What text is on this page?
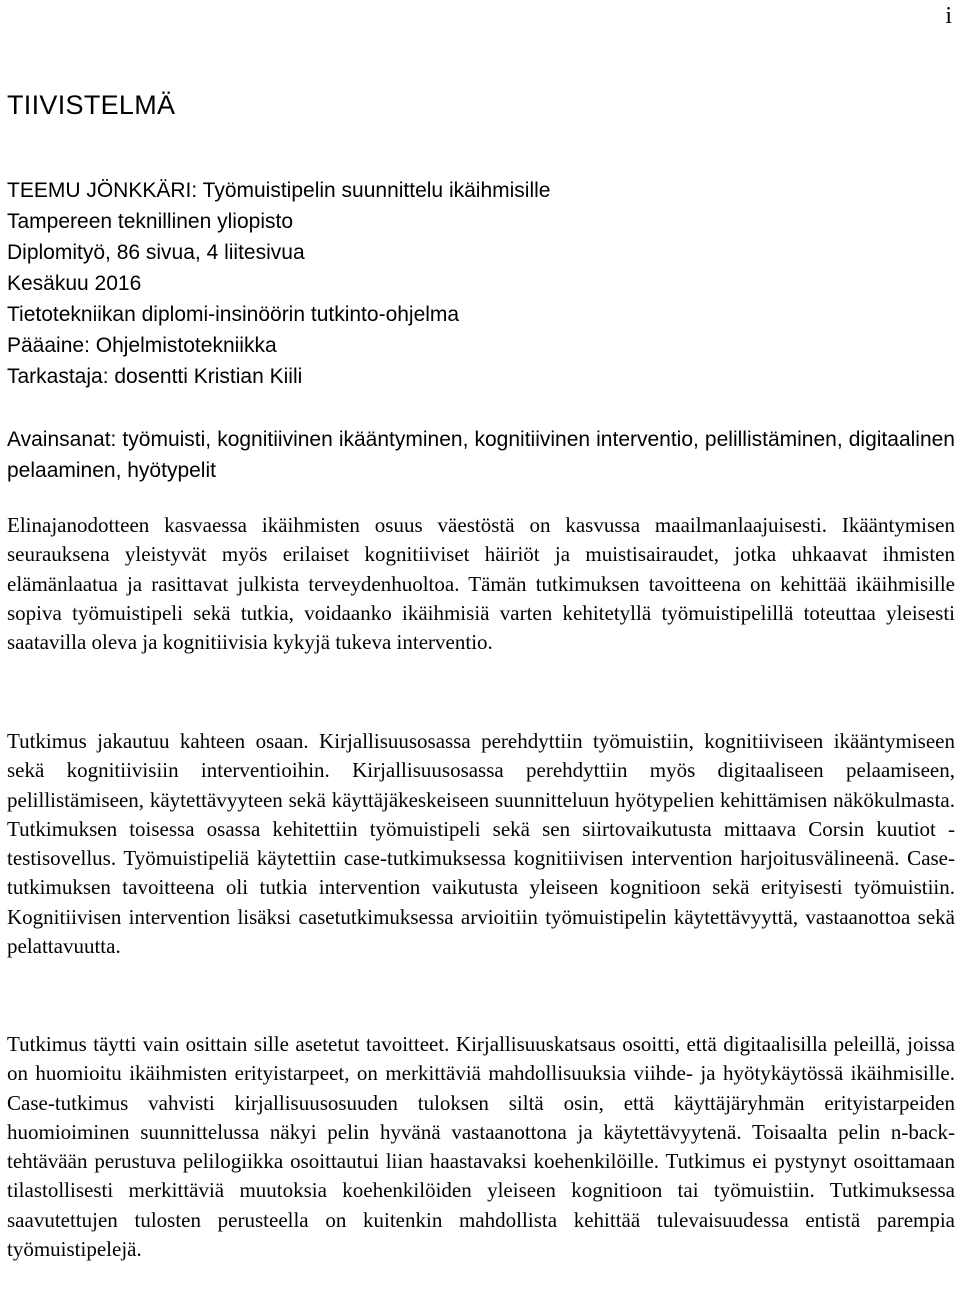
i
TIIVISTELMÄ
TEEMU JÖNKKÄRI: Työmuistipelin suunnittelu ikäihmisille
Tampereen teknillinen yliopisto
Diplomityö, 86 sivua, 4 liitesivua
Kesäkuu 2016
Tietotekniikan diplomi-insinöörin tutkinto-ohjelma
Pääaine: Ohjelmistotekniikka
Tarkastaja: dosentti Kristian Kiili

Avainsanat: työmuisti, kognitiivinen ikääntyminen, kognitiivinen interventio, pelillistäminen, digitaalinen pelaaminen, hyötypelit

Elinajanodotteen kasvaessa ikäihmisten osuus väestöstä on kasvussa maailmanlaajuisesti. Ikääntymisen seurauksena yleistyvät myös erilaiset kognitiiviset häiriöt ja muistisairaudet, jotka uhkaavat ihmisten elämänlaatua ja rasittavat julkista terveydenhuoltoa. Tämän tutkimuksen tavoitteena on kehittää ikäihmisille sopiva työmuistipeli sekä tutkia, voidaanko ikäihmisiä varten kehitetyllä työmuistipelillä toteuttaa yleisesti saatavilla oleva ja kognitiivisia kykyjä tukeva interventio.

Tutkimus jakautuu kahteen osaan. Kirjallisuusosassa perehdyttiin työmuistiin, kognitiiviseen ikääntymiseen sekä kognitiivisiin interventioihin. Kirjallisuusosassa perehdyttiin myös digitaaliseen pelaamiseen, pelillistämiseen, käytettävyyteen sekä käyttäjäkeskeiseen suunnitteluun hyötypelien kehittämisen näkökulmasta. Tutkimuksen toisessa osassa kehitettiin työmuistipeli sekä sen siirtovaikutusta mittaava Corsin kuutiot -testisovellus. Työmuistipeliä käytettiin case-tutkimuksessa kognitiivisen intervention harjoitusvälineenä. Case-tutkimuksen tavoitteena oli tutkia intervention vaikutusta yleiseen kognitioon sekä erityisesti työmuistiin. Kognitiivisen intervention lisäksi casetutkimuksessa arvioitiin työmuistipelin käytettävyyttä, vastaanottoa sekä pelattavuutta.

Tutkimus täytti vain osittain sille asetetut tavoitteet. Kirjallisuuskatsaus osoitti, että digitaalisilla peleillä, joissa on huomioitu ikäihmisten erityistarpeet, on merkittäviä mahdollisuuksia viihde- ja hyötykäytössä ikäihmisille. Case-tutkimus vahvisti kirjallisuusosuuden tuloksen siltä osin, että käyttäjäryhmän erityistarpeiden huomioiminen suunnittelussa näkyi pelin hyvänä vastaanottona ja käytettävyytenä. Toisaalta pelin n-backtehtävään perustuva pelilogiikka osoittautui liian haastavaksi koehenkilöille. Tutkimus ei pystynyt osoittamaan tilastollisesti merkittäviä muutoksia koehenkilöiden yleiseen kognitioon tai työmuistiin. Tutkimuksessa saavutettujen tulosten perusteella on kuitenkin mahdollista kehittää tulevaisuudessa entistä parempia työmuistipelejä.
